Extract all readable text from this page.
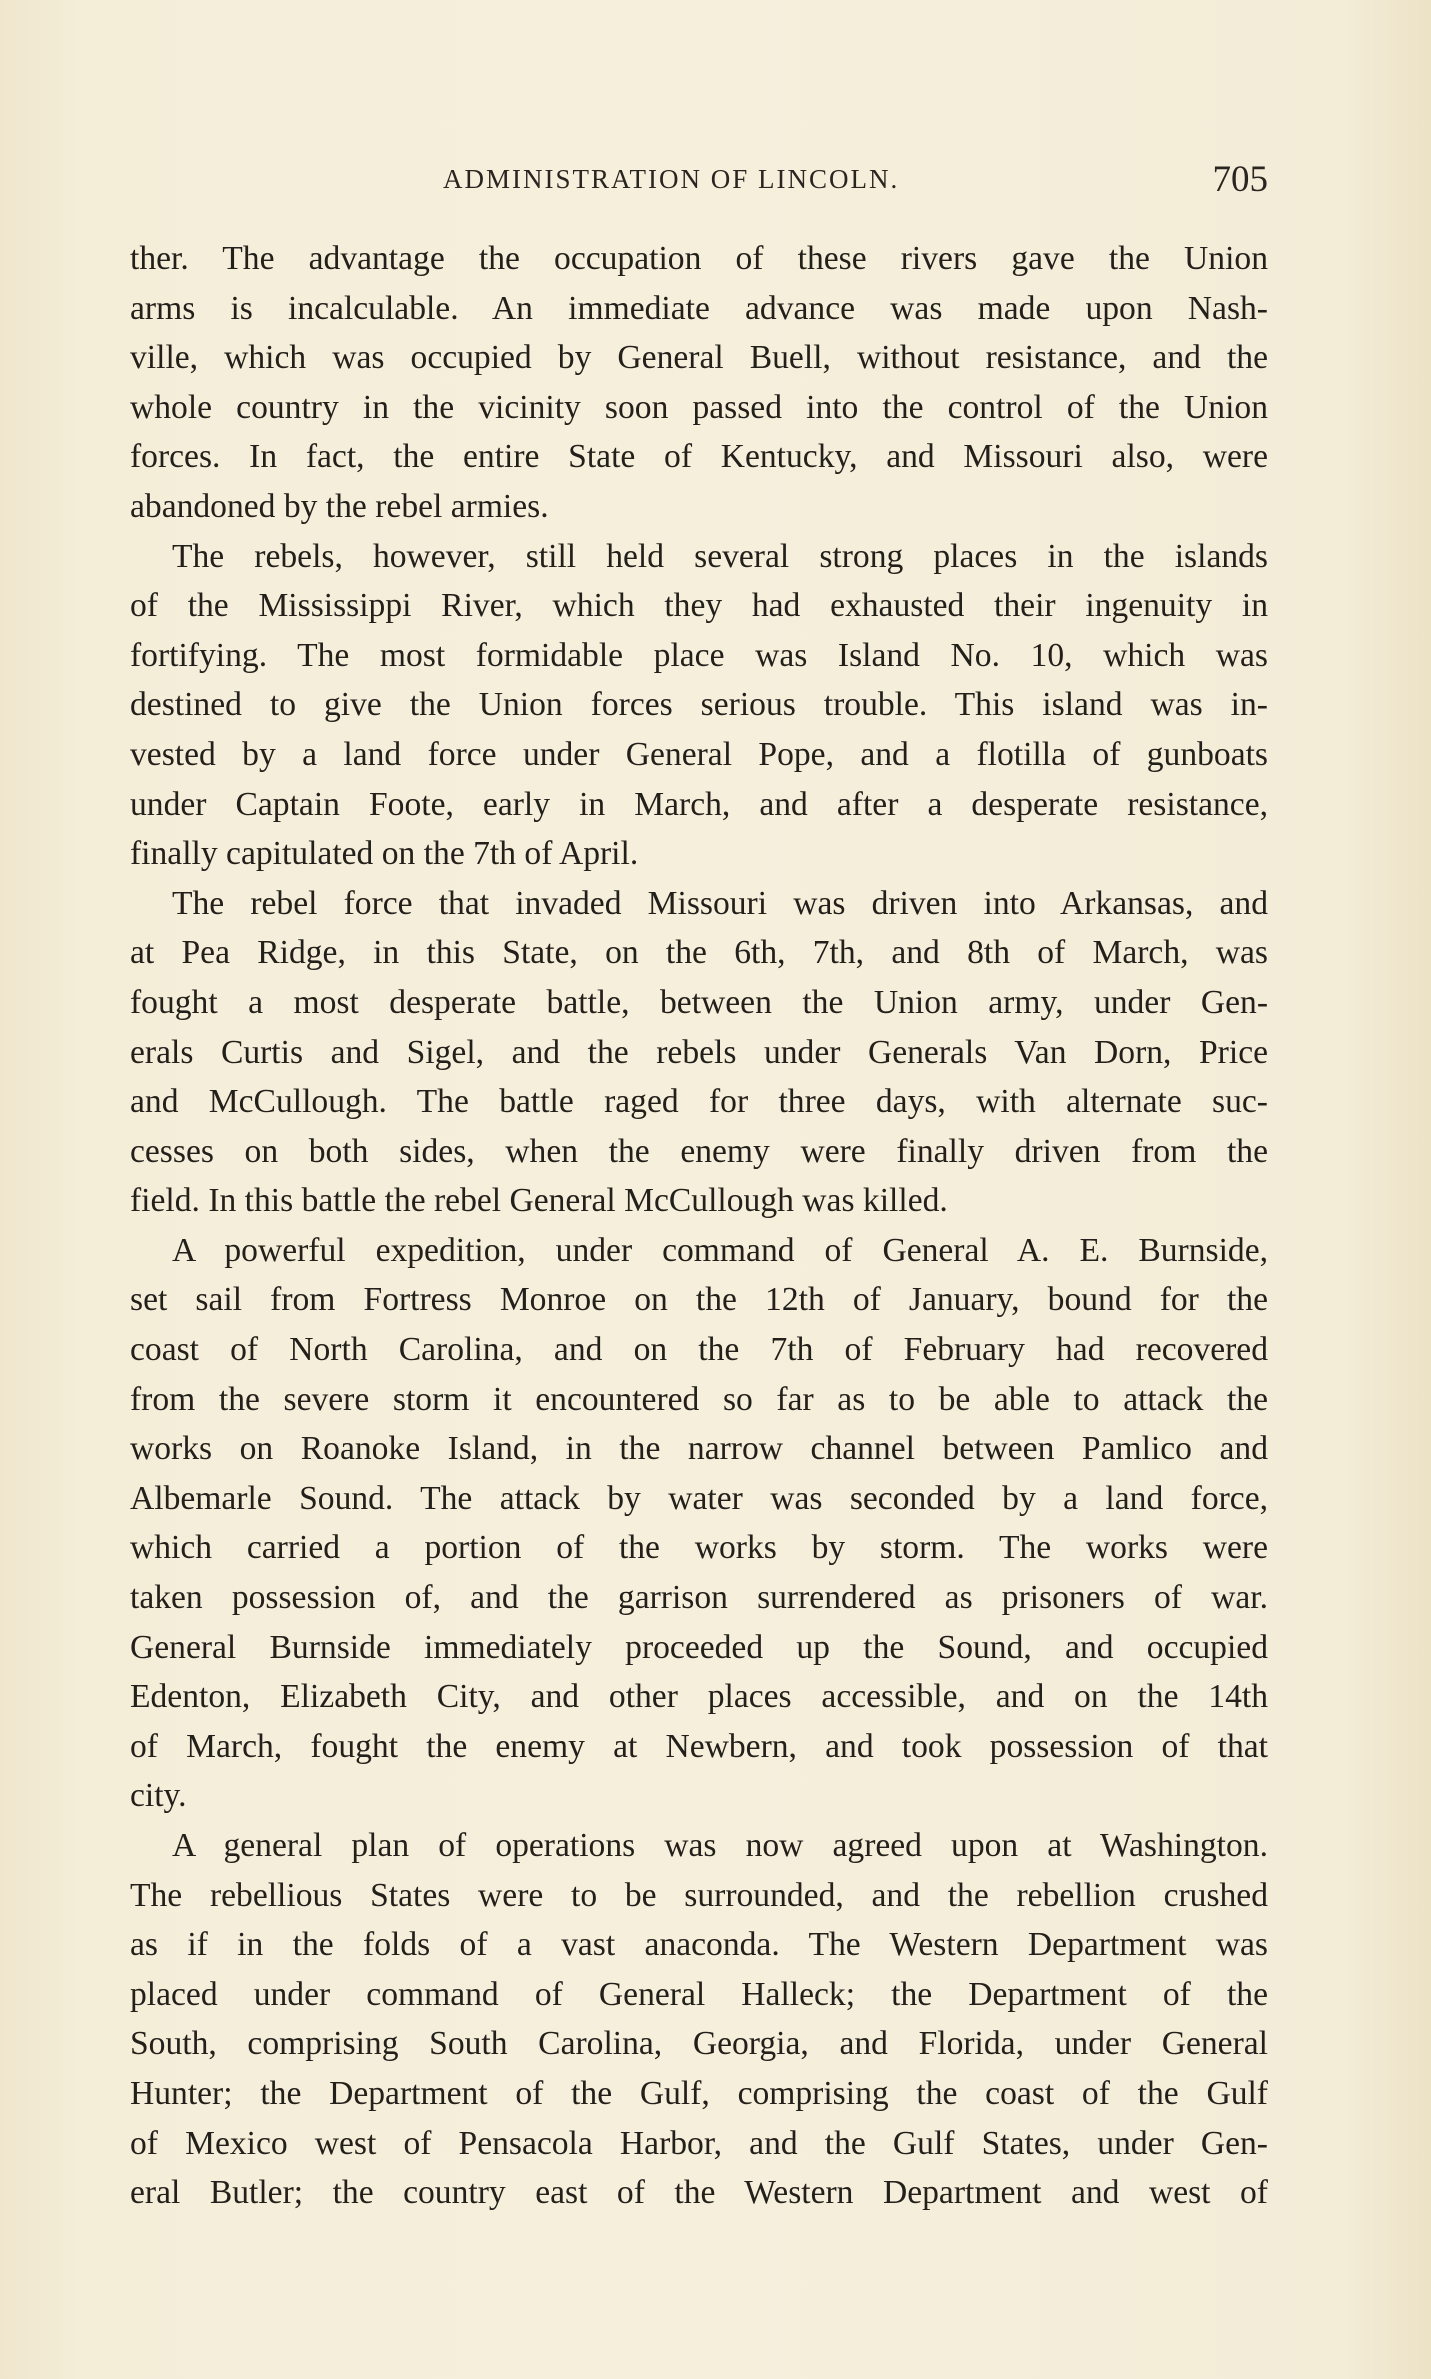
ADMINISTRATION OF LINCOLN.	705
ther. The advantage the occupation of these rivers gave the Union
arms is incalculable. An immediate advance was made upon Nash-
ville, which was occupied by General Buell, without resistance, and the
whole country in the vicinity soon passed into the control of the Union
forces. In fact, the entire State of Kentucky, and Missouri also, were
abandoned by the rebel armies.
The rebels, however, still held several strong places in the islands
of the Mississippi River, which they had exhausted their ingenuity in
fortifying. The most formidable place was Island No. 10, which was
destined to give the Union forces serious trouble. This island was in-
vested by a land force under General Pope, and a flotilla of gunboats
under Captain Foote, early in March, and after a desperate resistance,
finally capitulated on the 7th of April.
The rebel force that invaded Missouri was driven into Arkansas, and
at Pea Ridge, in this State, on the 6th, 7th, and 8th of March, was
fought a most desperate battle, between the Union army, under Gen-
erals Curtis and Sigel, and the rebels under Generals Van Dorn, Price
and McCullough. The battle raged for three days, with alternate suc-
cesses on both sides, when the enemy were finally driven from the
field. In this battle the rebel General McCullough was killed.
A powerful expedition, under command of General A. E. Burnside,
set sail from Fortress Monroe on the 12th of January, bound for the
coast of North Carolina, and on the 7th of February had recovered
from the severe storm it encountered so far as to be able to attack the
works on Roanoke Island, in the narrow channel between Pamlico and
Albemarle Sound. The attack by water was seconded by a land force,
which carried a portion of the works by storm. The works were
taken possession of, and the garrison surrendered as prisoners of war.
General Burnside immediately proceeded up the Sound, and occupied
Edenton, Elizabeth City, and other places accessible, and on the 14th
of March, fought the enemy at Newbern, and took possession of that
city.
A general plan of operations was now agreed upon at Washington.
The rebellious States were to be surrounded, and the rebellion crushed
as if in the folds of a vast anaconda. The Western Department was
placed under command of General Halleck; the Department of the
South, comprising South Carolina, Georgia, and Florida, under General
Hunter; the Department of the Gulf, comprising the coast of the Gulf
of Mexico west of Pensacola Harbor, and the Gulf States, under Gen-
eral Butler; the country east of the Western Department and west of
